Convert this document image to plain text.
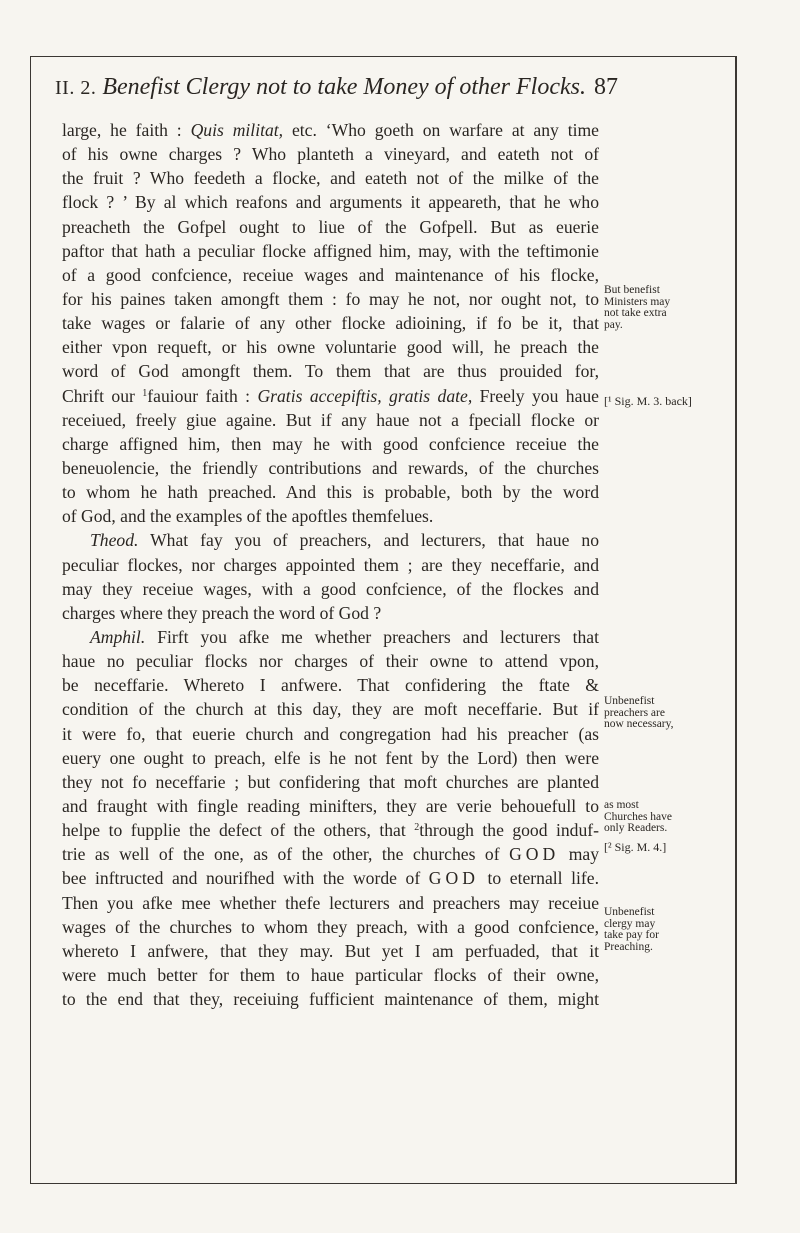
II. 2. Benefist Clergy not to take Money of other Flocks. 87
large, he faith : Quis militat, etc. ‘Who goeth on warfare at any time
of his owne charges ? Who planteth a vineyard, and eateth not of
the fruit ? Who feedeth a flocke, and eateth not of the milke of the
flock ? ’ By al which reafons and arguments it appeareth, that he who
preacheth the Gofpel ought to liue of the Gofpell. But as euerie
paftor that hath a peculiar flocke affigned him, may, with the teftimonie
of a good confcience, receiue wages and maintenance of his flocke,
for his paines taken amongft them : fo may he not, nor ought not, to
take wages or falarie of any other flocke adioining, if fo be it, that
either vpon requeft, or his owne voluntarie good will, he preach the
word of God amongft them. To them that are thus prouided for,
Chrift our $^1$fauiour faith : Gratis accepiftis, gratis date, Freely you haue
receiued, freely giue againe. But if any haue not a fpeciall flocke or
charge affigned him, then may he with good confcience receiue the
beneuolencie, the friendly contributions and rewards, of the churches
to whom he hath preached. And this is probable, both by the word
of God, and the examples of the apoftles themfelues.
Theod. What fay you of preachers, and lecturers, that haue no
peculiar flockes, nor charges appointed them ; are they neceffarie, and
may they receiue wages, with a good confcience, of the flockes and
charges where they preach the word of God ?
Amphil. Firft you afke me whether preachers and lecturers that
haue no peculiar flocks nor charges of their owne to attend vpon,
be neceffarie. Whereto I anfwere. That confidering the ftate &
condition of the church at this day, they are moft neceffarie. But if
it were fo, that euerie church and congregation had his preacher (as
euery one ought to preach, elfe is he not fent by the Lord) then were
they not fo neceffarie ; but confidering that moft churches are planted
and fraught with fingle reading minifters, they are verie behouefull to
helpe to fupplie the defect of the others, that $^2$through the good induf-
trie as well of the one, as of the other, the churches of GOD may
bee inftructed and nourifhed with the worde of GOD to eternall life.
Then you afke mee whether thefe lecturers and preachers may receiue
wages of the churches to whom they preach, with a good confcience,
whereto I anfwere, that they may. But yet I am perfuaded, that it
were much better for them to haue particular flocks of their owne,
to the end that they, receiuing fufficient maintenance of them, might
But benefist
Ministers may
not take extra
pay.
[¹ Sig. M. 3. back]
Unbenefist
preachers are
now necessary,
as most
Churches have
only Readers.
[² Sig. M. 4.]
Unbenefist
clergy may
take pay for
Preaching.
